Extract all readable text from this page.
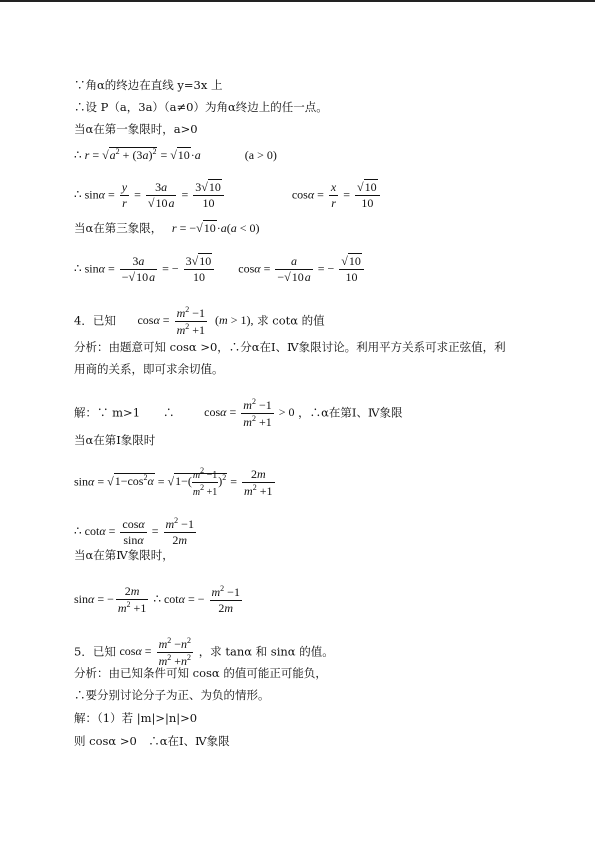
∵角α的终边在直线 y=3x 上
∴设 P（a，3a）（a≠0）为角α终边上的任一点。
当α在第一象限时，a>0
∴ $r = √a^2 + (3a)^2 = √10\cdot a$	(a > 0)
∴ $\sin\alpha = \frac{y}{r} = \frac{3a}{√10a} = \frac{3√10}{10}$	$\cos\alpha = \frac{x}{r} = \frac{√10}{10}$
当α在第三象限， r = −√10·a(a < 0)
∴ $\sin\alpha = \frac{3a}{-√10a}$ = − $\frac{3√10}{10}$ $\cos\alpha = \frac{a}{-√10a}$ = − $\frac{√10}{10}$
4．已知 $\cos\alpha = \frac{m^2 -1}{m^2 +1} (m > 1)$, 求 cotα 的值
分析：由题意可知 cosα >0，∴分α在Ⅰ、Ⅳ象限讨论。利用平方关系可求正弦值，利
用商的关系，即可求余切值。
解：∵ m>1　　∴ $\cos\alpha = \frac{m^2 -1}{m^2 +1} > 0$ ，∴α在第Ⅰ、Ⅳ象限
当α在第Ⅰ象限时
$\sin\alpha = √1-\cos^2\alpha = √1-( \frac{m^2 -1}{m^2 +1} )^2 = \frac{2m}{m^2 +1}$
∴ $\cot\alpha = \frac{\cos\alpha}{\sin\alpha} = \frac{m^2 -1}{2m}$
当α在第Ⅳ象限时，
sinα = − $\frac{2m}{m^2 +1}$ ∴ cotα = − $\frac{m^2 -1}{2m}$
5．已知 $\cos\alpha = \frac{m^2 -n^2}{m^2 +n^2}$ ，求 tanα 和 sinα 的值。
分析：由已知条件可知 cosα 的值可能正可能负，
∴要分别讨论分子为正、为负的情形。
解：（1）若 |m|>|n|>0
则 cosα >0　∴α在Ⅰ、Ⅳ象限
